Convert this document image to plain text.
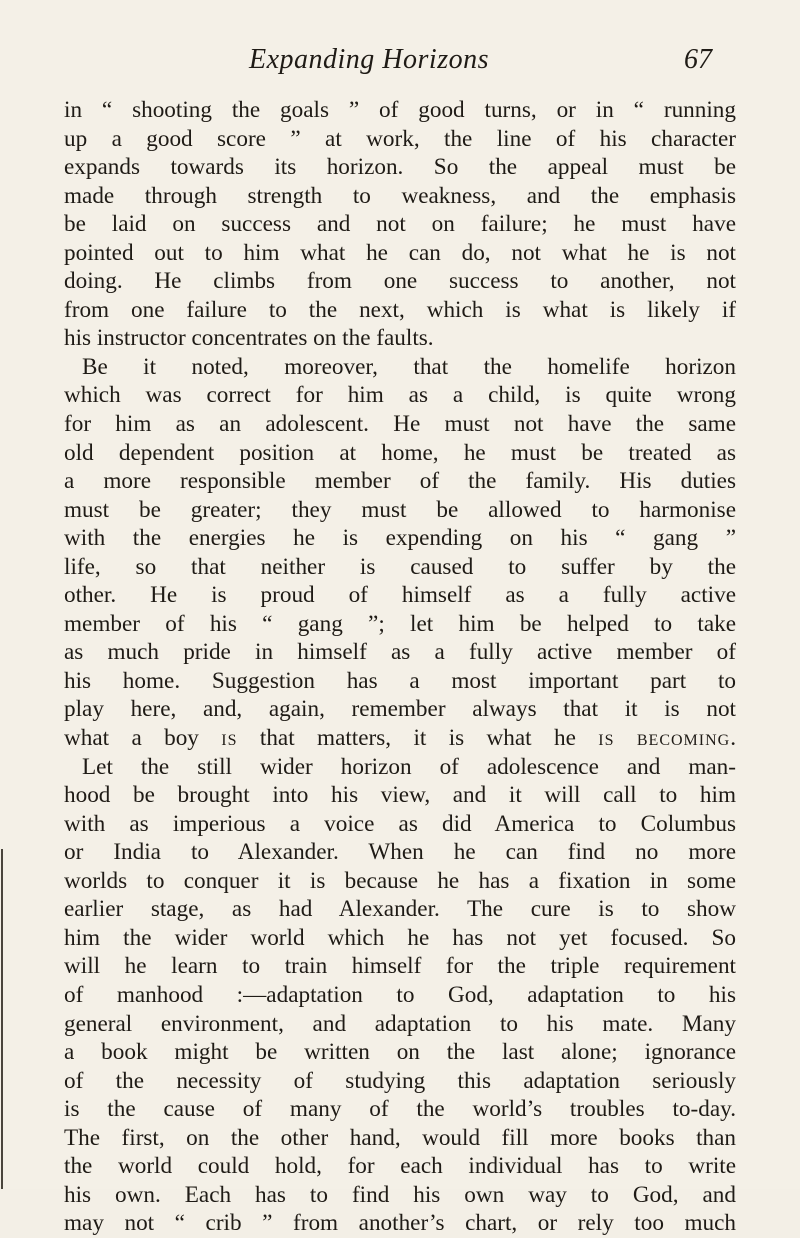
Expanding Horizons	67
in “ shooting the goals ” of good turns, or in “ running
up a good score ” at work, the line of his character
expands towards its horizon. So the appeal must be
made through strength to weakness, and the emphasis
be laid on success and not on failure; he must have
pointed out to him what he can do, not what he is not
doing. He climbs from one success to another, not
from one failure to the next, which is what is likely if
his instructor concentrates on the faults.
Be it noted, moreover, that the homelife horizon
which was correct for him as a child, is quite wrong
for him as an adolescent. He must not have the same
old dependent position at home, he must be treated as
a more responsible member of the family. His duties
must be greater; they must be allowed to harmonise
with the energies he is expending on his “ gang ”
life, so that neither is caused to suffer by the
other. He is proud of himself as a fully active
member of his “ gang ”; let him be helped to take
as much pride in himself as a fully active member of
his home. Suggestion has a most important part to
play here, and, again, remember always that it is not
what a boy is that matters, it is what he is becoming.
Let the still wider horizon of adolescence and man-
hood be brought into his view, and it will call to him
with as imperious a voice as did America to Columbus
or India to Alexander. When he can find no more
worlds to conquer it is because he has a fixation in some
earlier stage, as had Alexander. The cure is to show
him the wider world which he has not yet focused. So
will he learn to train himself for the triple requirement
of manhood :—adaptation to God, adaptation to his
general environment, and adaptation to his mate. Many
a book might be written on the last alone; ignorance
of the necessity of studying this adaptation seriously
is the cause of many of the world’s troubles to-day.
The first, on the other hand, would fill more books than
the world could hold, for each individual has to write
his own. Each has to find his own way to God, and
may not “ crib ” from another’s chart, or rely too much
